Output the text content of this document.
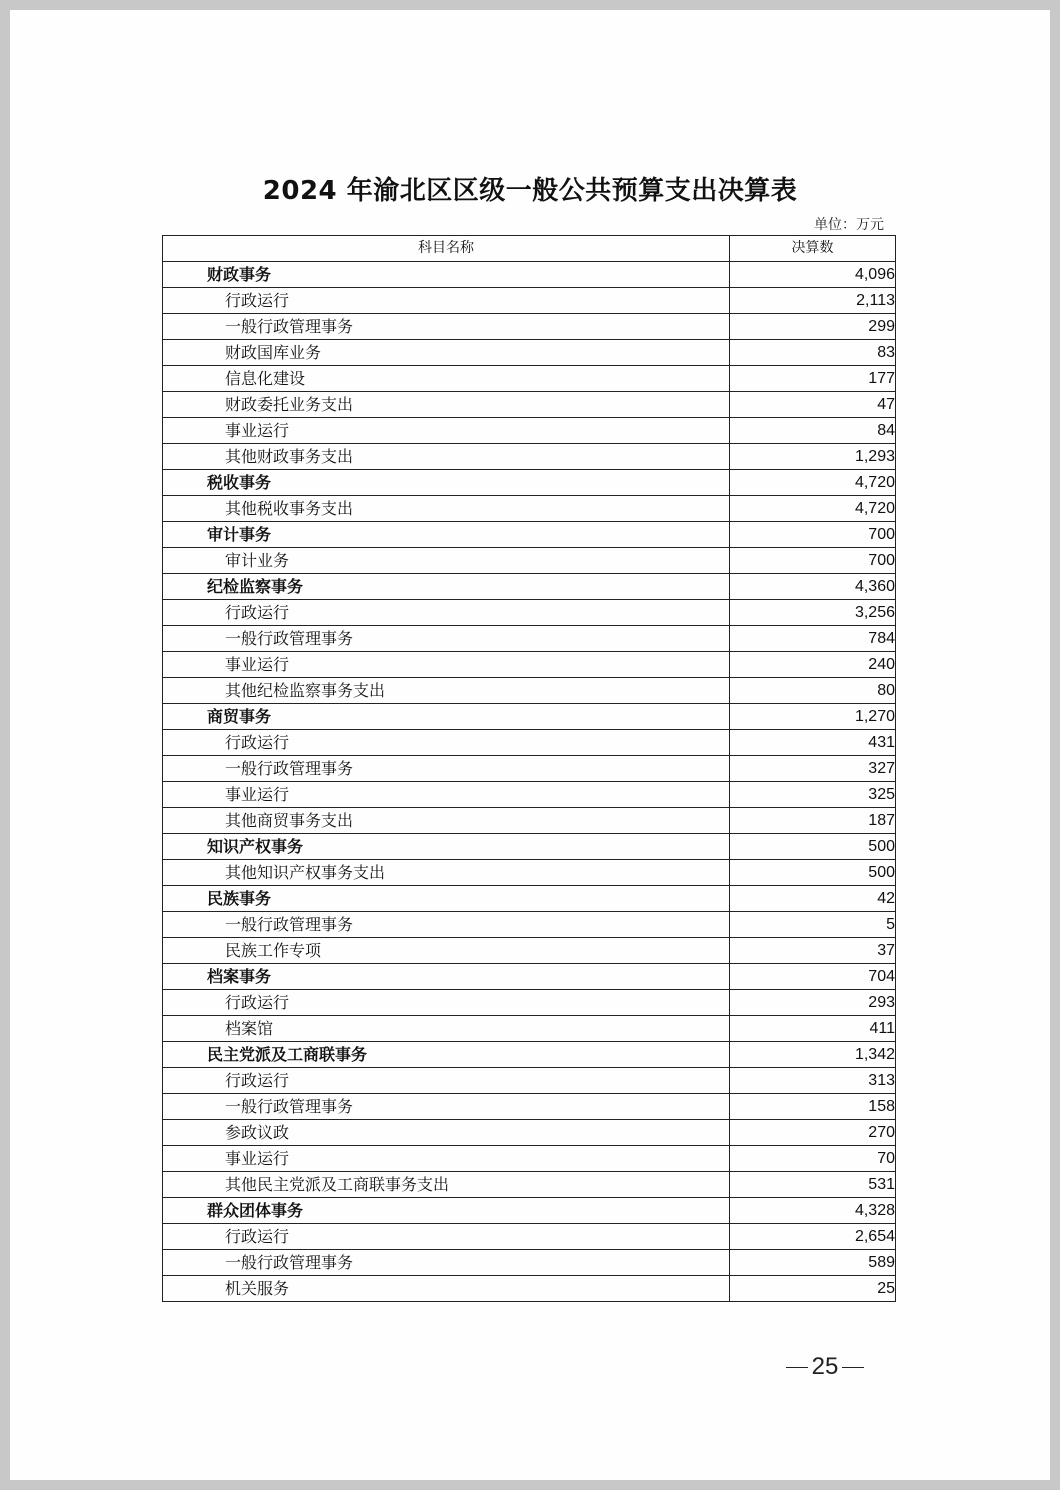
2024 年渝北区区级一般公共预算支出决算表
单位：万元
科目名称	决算数
财政事务	4,096
行政运行	2,113
一般行政管理事务	299
财政国库业务	83
信息化建设	177
财政委托业务支出	47
事业运行	84
其他财政事务支出	1,293
税收事务	4,720
其他税收事务支出	4,720
审计事务	700
审计业务	700
纪检监察事务	4,360
行政运行	3,256
一般行政管理事务	784
事业运行	240
其他纪检监察事务支出	80
商贸事务	1,270
行政运行	431
一般行政管理事务	327
事业运行	325
其他商贸事务支出	187
知识产权事务	500
其他知识产权事务支出	500
民族事务	42
一般行政管理事务	5
民族工作专项	37
档案事务	704
行政运行	293
档案馆	411
民主党派及工商联事务	1,342
行政运行	313
一般行政管理事务	158
参政议政	270
事业运行	70
其他民主党派及工商联事务支出	531
群众团体事务	4,328
行政运行	2,654
一般行政管理事务	589
机关服务	25
25
